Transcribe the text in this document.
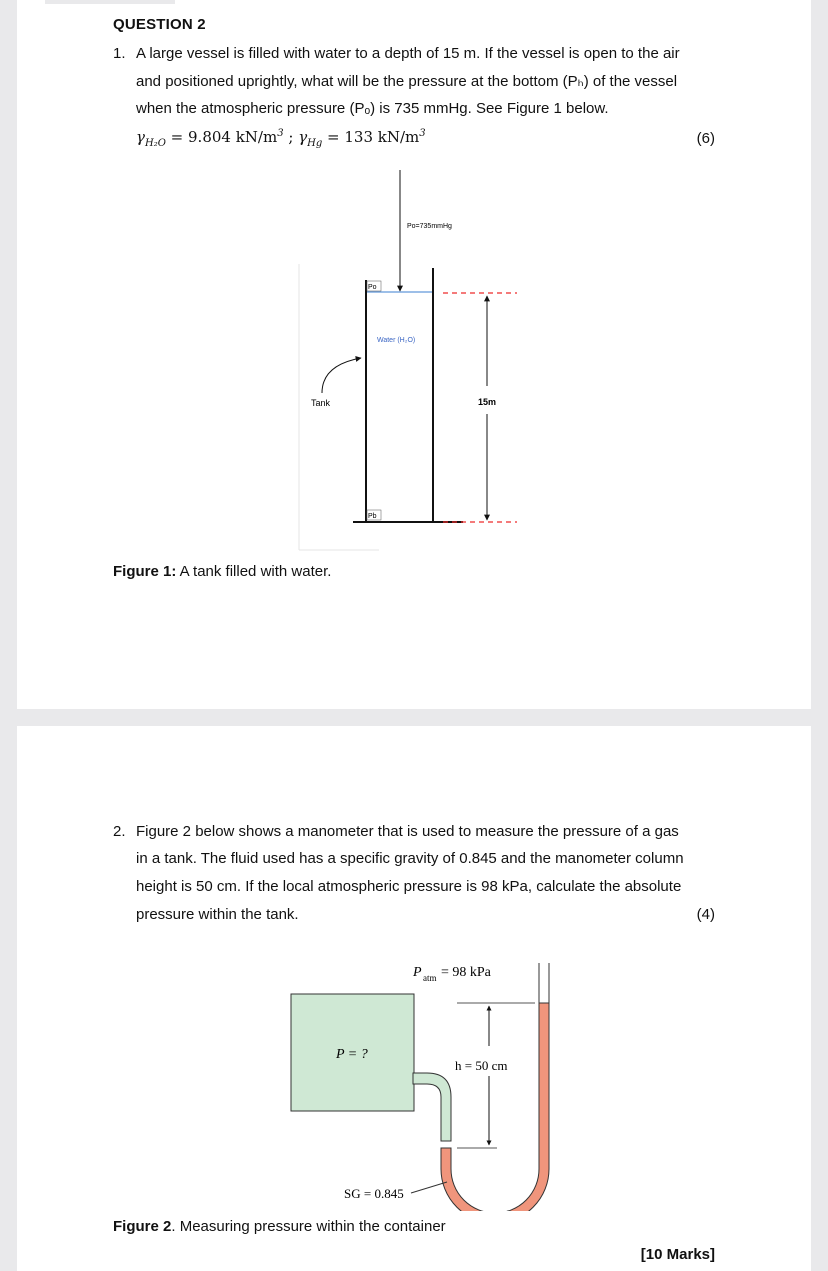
QUESTION 2
1. A large vessel is filled with water to a depth of 15 m. If the vessel is open to the air
and positioned uprightly, what will be the pressure at the bottom (Pₕ) of the vessel
when the atmospheric pressure (Pₒ) is 735 mmHg. See Figure 1 below.
$\gamma_{H_2O} = 9.804$ $kN/m^3$ ; $\gamma_{Hg} = 133$ $kN/m^3$	(6)
Po=735mmHg
Po
Water (H₂O)
Pb
Tank	15m
Figure 1: A tank filled with water.
2. Figure 2 below shows a manometer that is used to measure the pressure of a gas
in a tank. The fluid used has a specific gravity of 0.845 and the manometer column
height is 50 cm. If the local atmospheric pressure is 98 kPa, calculate the absolute
pressure within the tank.	(4)
P = ?
P atm = 98 kPa
h = 50 cm
SG = 0.845
Figure 2. Measuring pressure within the container
[10 Marks]
